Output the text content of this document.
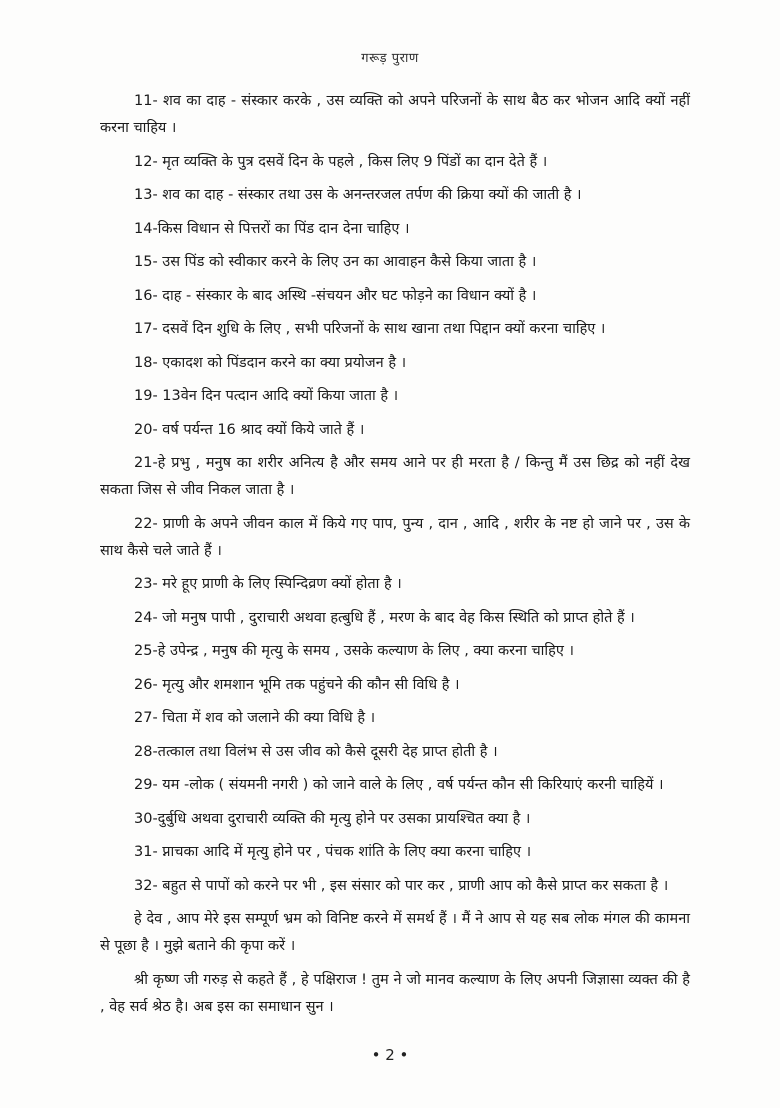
गरूड़ पुराण

11- शव का दाह - संस्कार करके , उस व्यक्ति को अपने परिजनों के साथ बैठ कर भोजन आदि क्यों नहीं करना चाहिय ।

12- मृत व्यक्ति के पुत्र दसवें दिन के पहले , किस लिए 9 पिंडों का दान देते हैं ।

13- शव का दाह - संस्कार तथा उस के अनन्तरजल तर्पण की क्रिया क्यों की जाती है ।

14-किस विधान से पित्तरों का पिंड दान देना चाहिए ।

15- उस पिंड को स्वीकार करने के लिए उन का आवाहन कैसे किया जाता है ।

16- दाह - संस्कार के बाद अस्थि -संचयन और घट फोड़ने का विधान क्यों है ।

17- दसवें दिन शुधि के लिए , सभी परिजनों के साथ खाना तथा पिद्दान क्यों करना चाहिए ।

18- एकादश को पिंडदान करने का क्या प्रयोजन है ।

19- 13वेन दिन पत्दान आदि क्यों किया जाता है ।

20- वर्ष पर्यन्त 16 श्राद क्यों किये जाते हैं ।

21-हे प्रभु , मनुष का शरीर अनित्य है और समय आने पर ही मरता है / किन्तु मैं उस छिद्र को नहीं देख सकता जिस से जीव निकल जाता है ।

22- प्राणी के अपने जीवन काल में किये गए पाप, पुन्य , दान , आदि , शरीर के नष्ट हो जाने पर , उस के साथ कैसे चले जाते हैं ।

23- मरे हूए प्राणी के लिए स्पिन्दिव्रण क्यों होता है ।

24- जो मनुष पापी , दुराचारी अथवा हत्बुधि हैं , मरण के बाद वेह किस स्थिति को प्राप्त होते हैं ।

25-हे उपेन्द्र , मनुष की मृत्यु के समय , उसके कल्याण के लिए , क्या करना चाहिए ।

26- मृत्यु और शमशान भूमि तक पहुंचने की कौन सी विधि है ।

27- चिता में शव को जलाने की क्या विधि है ।

28-तत्काल तथा विलंभ से उस जीव को कैसे दूसरी देह प्राप्त होती है ।

29- यम -लोक ( संयमनी नगरी ) को जाने वाले के लिए , वर्ष पर्यन्त कौन सी किरियाएं करनी चाहियें ।

30-दुर्बुधि अथवा दुराचारी व्यक्ति की मृत्यु होने पर उसका प्रायश्चित क्या है ।

31- प्नाचका आदि में मृत्यु होने पर , पंचक शांति के लिए क्या करना चाहिए ।

32- बहुत से पापों को करने पर भी , इस संसार को पार कर , प्राणी आप को कैसे प्राप्त कर सकता है ।

हे देव , आप मेरे इस सम्पूर्ण भ्रम को विनिष्ट करने में समर्थ हैं । मैं ने आप से यह सब लोक मंगल की कामना से पूछा है । मुझे बताने की कृपा करें ।

श्री कृष्ण जी गरुड़ से कहते हैं , हे पक्षिराज ! तुम ने जो मानव कल्याण के लिए अपनी जिज्ञासा व्यक्त की है , वेह सर्व श्रेठ है। अब इस का समाधान सुन ।

• 2 •
